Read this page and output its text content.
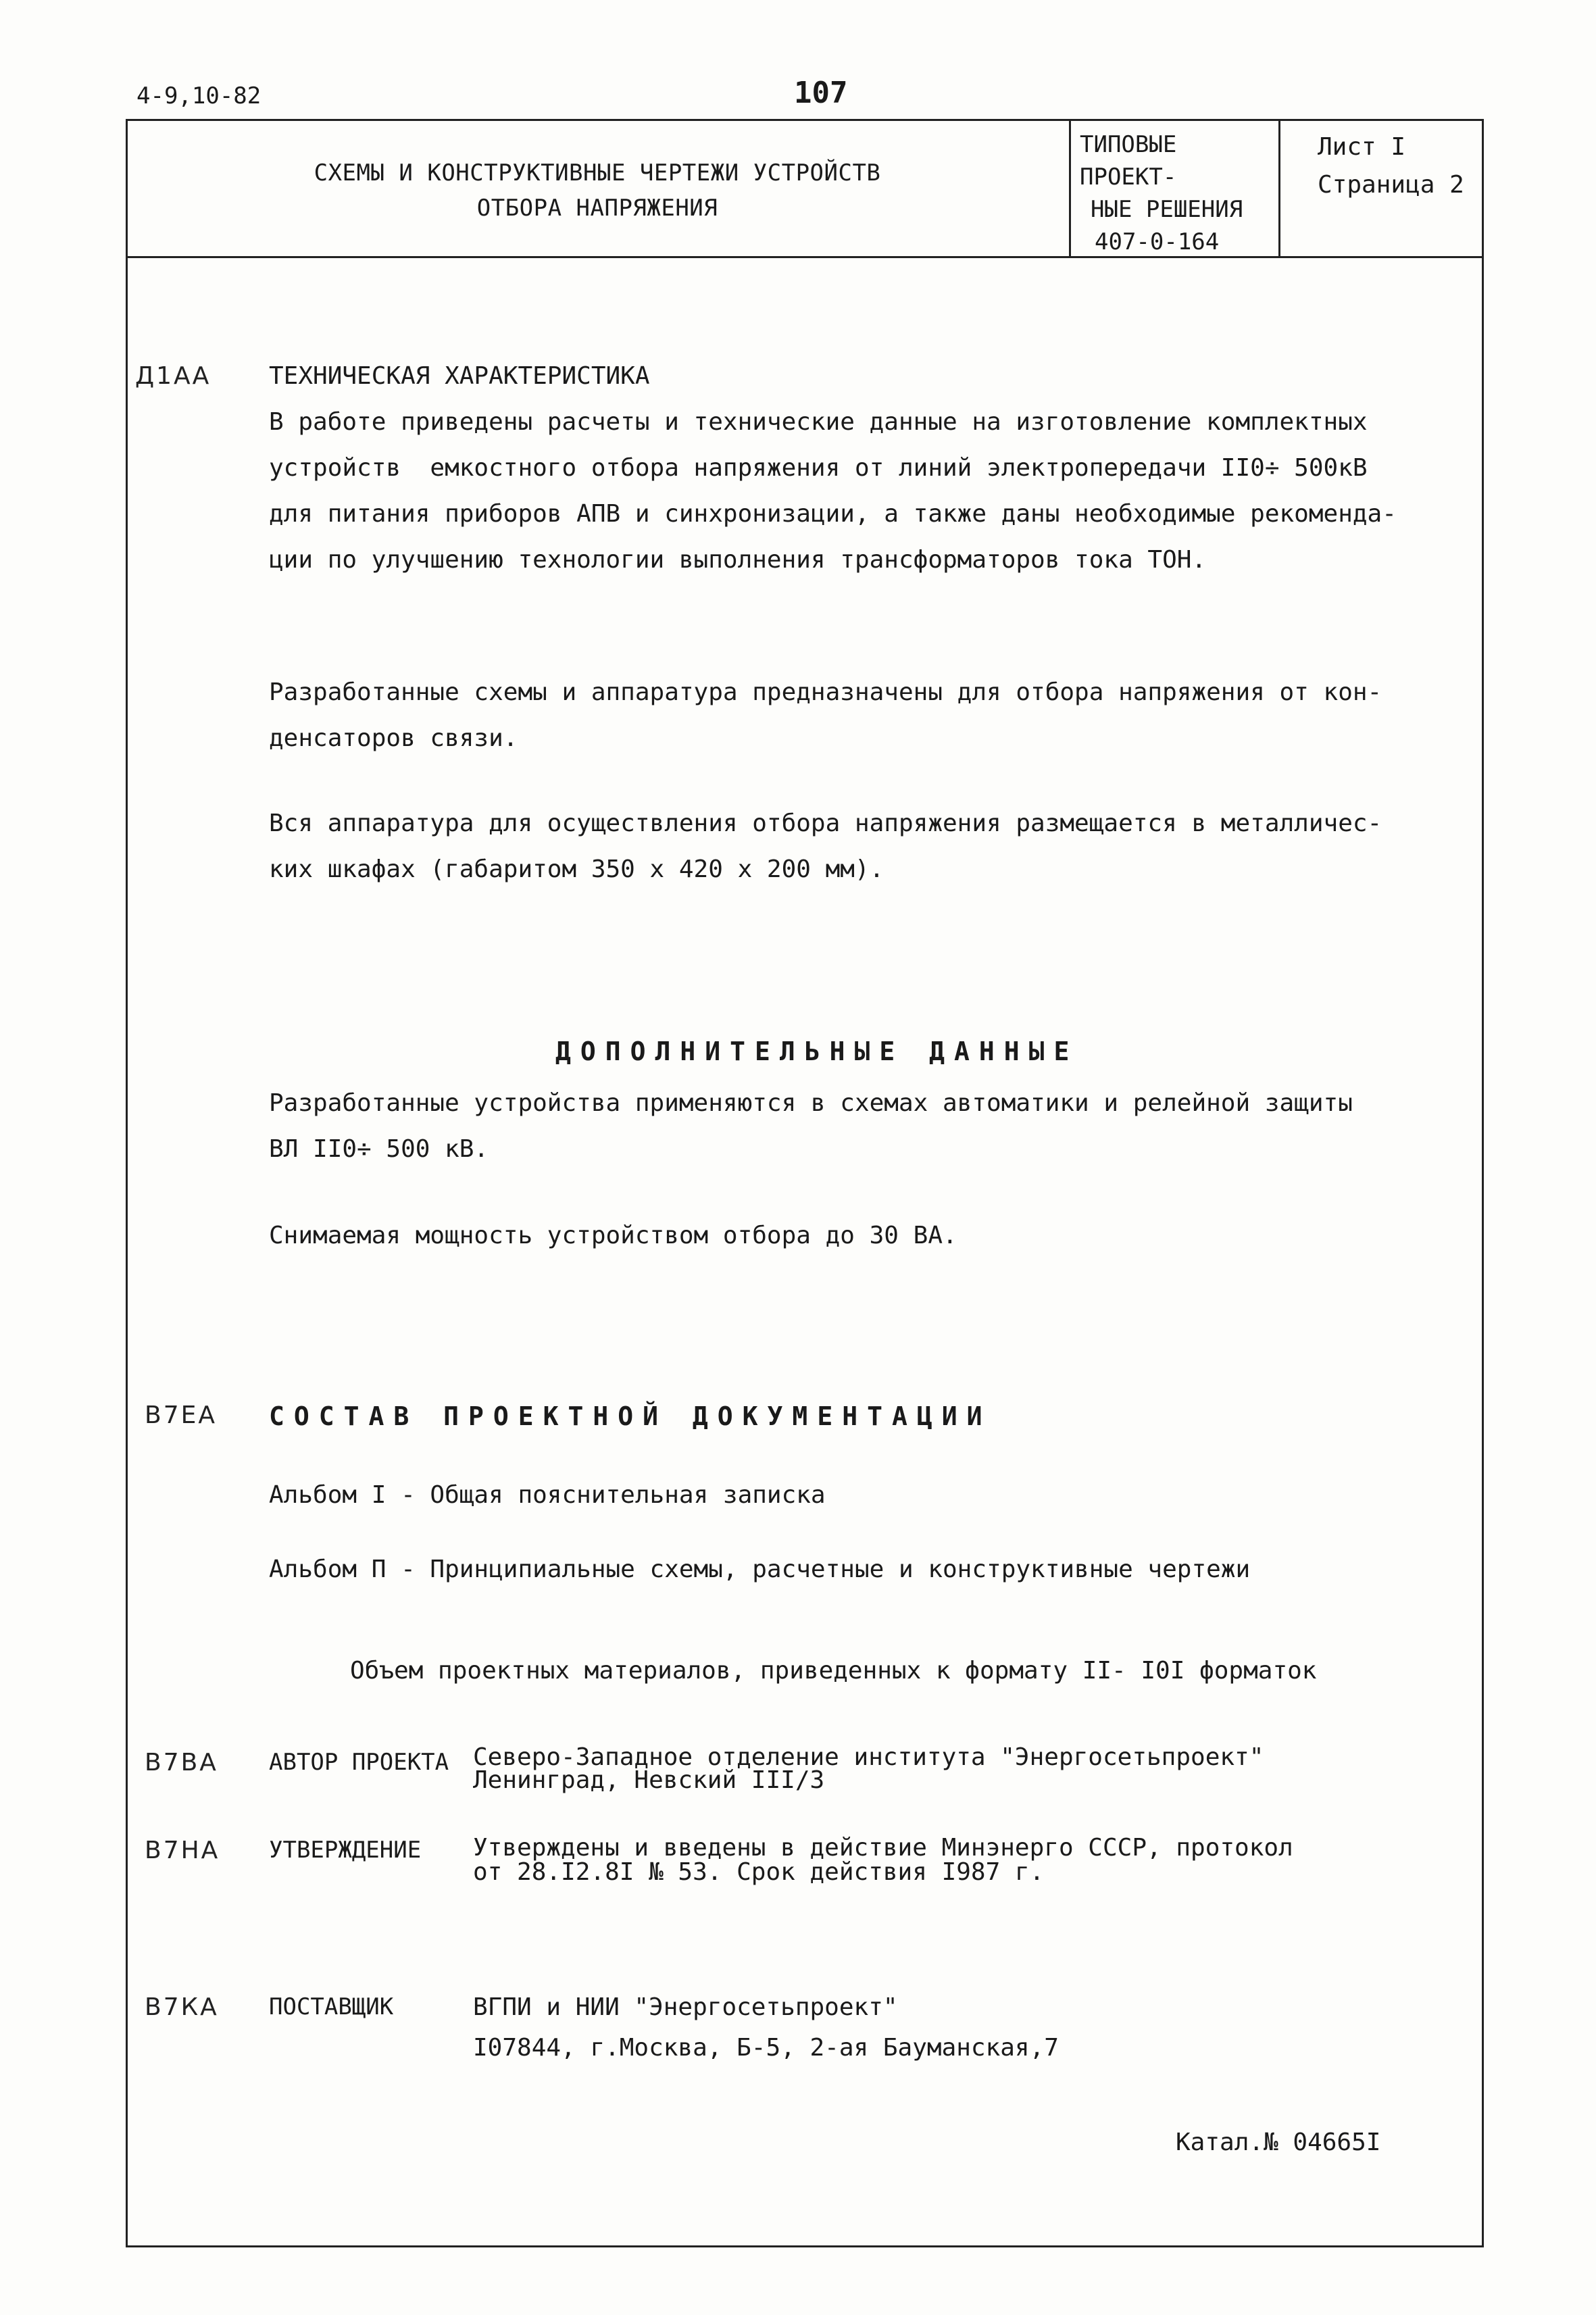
4-9,10-82	107
СХЕМЫ И КОНСТРУКТИВНЫЕ ЧЕРТЕЖИ УСТРОЙСТВ
ОТБОРА НАПРЯЖЕНИЯ
ТИПОВЫЕ ПРОЕКТ-
НЫЕ РЕШЕНИЯ
407-0-164
Лист I
Страница 2
Д1АА ТЕХНИЧЕСКАЯ ХАРАКТЕРИСТИКА
В работе приведены расчеты и технические данные на изготовление комплектных
устройств  емкостного отбора напряжения от линий электропередачи II0÷ 500кВ
для питания приборов АПВ и синхронизации, а также даны необходимые рекоменда-
ции по улучшению технологии выполнения трансформаторов тока ТОН.
Разработанные схемы и аппаратура предназначены для отбора напряжения от кон-
денсаторов связи.
Вся аппаратура для осуществления отбора напряжения размещается в металличес-
ких шкафах (габаритом 350 х 420 х 200 мм).
ДОПОЛНИТЕЛЬНЫЕ ДАННЫЕ
Разработанные устройства применяются в схемах автоматики и релейной защиты
ВЛ II0÷ 500 кВ.
Снимаемая мощность устройством отбора до 30 ВА.
В7ЕА СОСТАВ ПРОЕКТНОЙ ДОКУМЕНТАЦИИ
Альбом I - Общая пояснительная записка
Альбом П - Принципиальные схемы, расчетные и конструктивные чертежи
Объем проектных материалов, приведенных к формату II- I0I форматок
В7ВА АВТОР ПРОЕКТА Северо-Западное отделение института "Энергосетьпроект"
Ленинград, Невский III/3
В7НА УТВЕРЖДЕНИЕ Утверждены и введены в действие Минэнерго СССР, протокол
от 28.I2.8I № 53. Срок действия I987 г.
В7КА ПОСТАВЩИК	ВГПИ и НИИ "Энергосетьпроект"
I07844, г.Москва, Б-5, 2-ая Бауманская,7
Катал.№ 04665I
